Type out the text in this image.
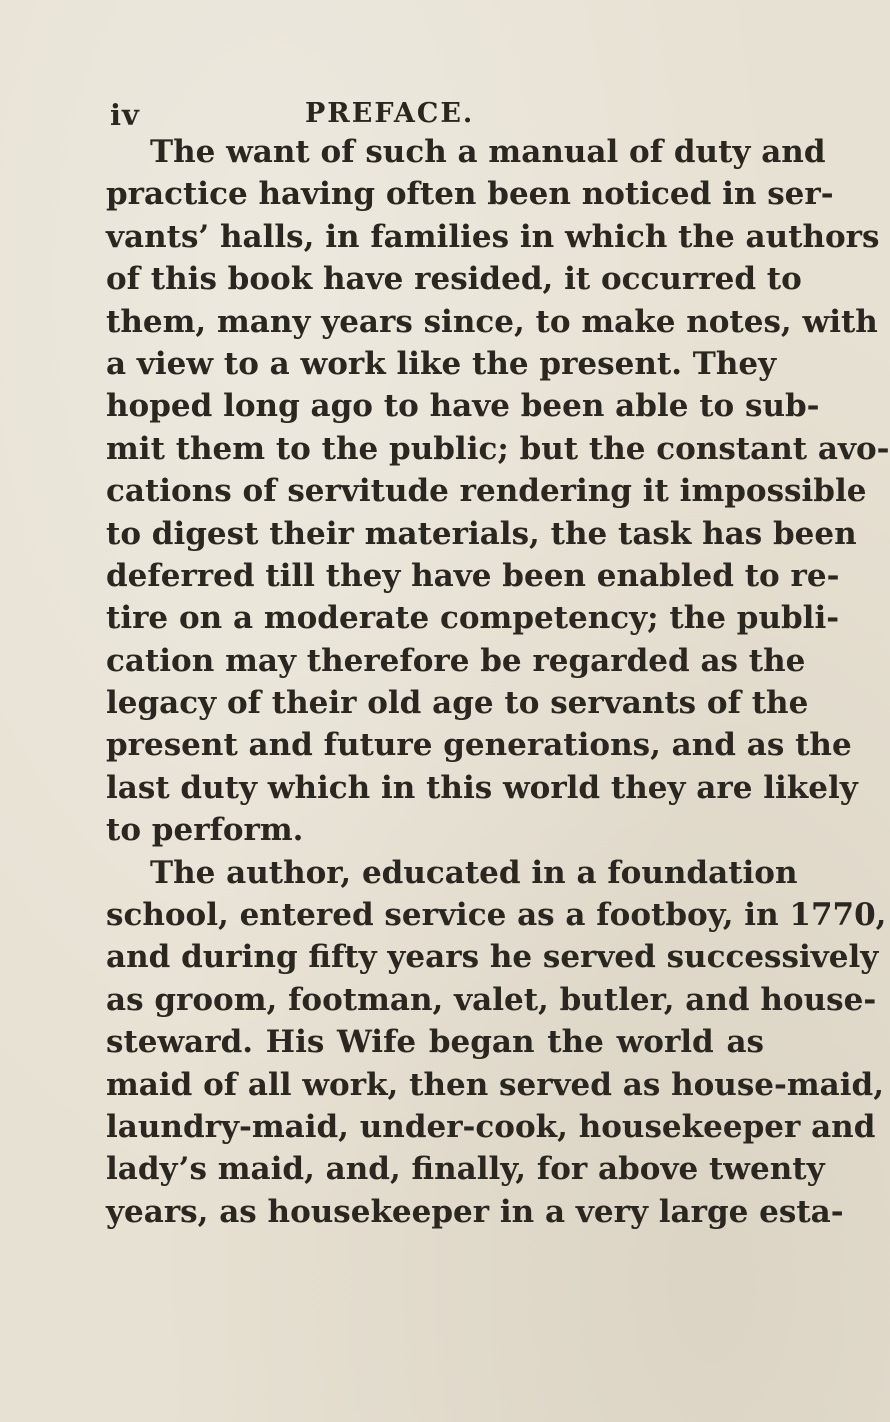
iv	PREFACE.
The want of such a manual of duty and
practice having often been noticed in ser-
vants’ halls, in families in which the authors
of this book have resided, it occurred to
them, many years since, to make notes, with
a view to a work like the present. They
hoped long ago to have been able to sub-
mit them to the public; but the constant avo-
cations of servitude rendering it impossible
to digest their materials, the task has been
deferred till they have been enabled to re-
tire on a moderate competency; the publi-
cation may therefore be regarded as the
legacy of their old age to servants of the
present and future generations, and as the
last duty which in this world they are likely
to perform.
The author, educated in a foundation
school, entered service as a footboy, in 1770,
and during fifty years he served successively
as groom, footman, valet, butler, and house-
steward. His Wife began the world as
maid of all work, then served as house-maid,
laundry-maid, under-cook, housekeeper and
lady’s maid, and, finally, for above twenty
years, as housekeeper in a very large esta-
